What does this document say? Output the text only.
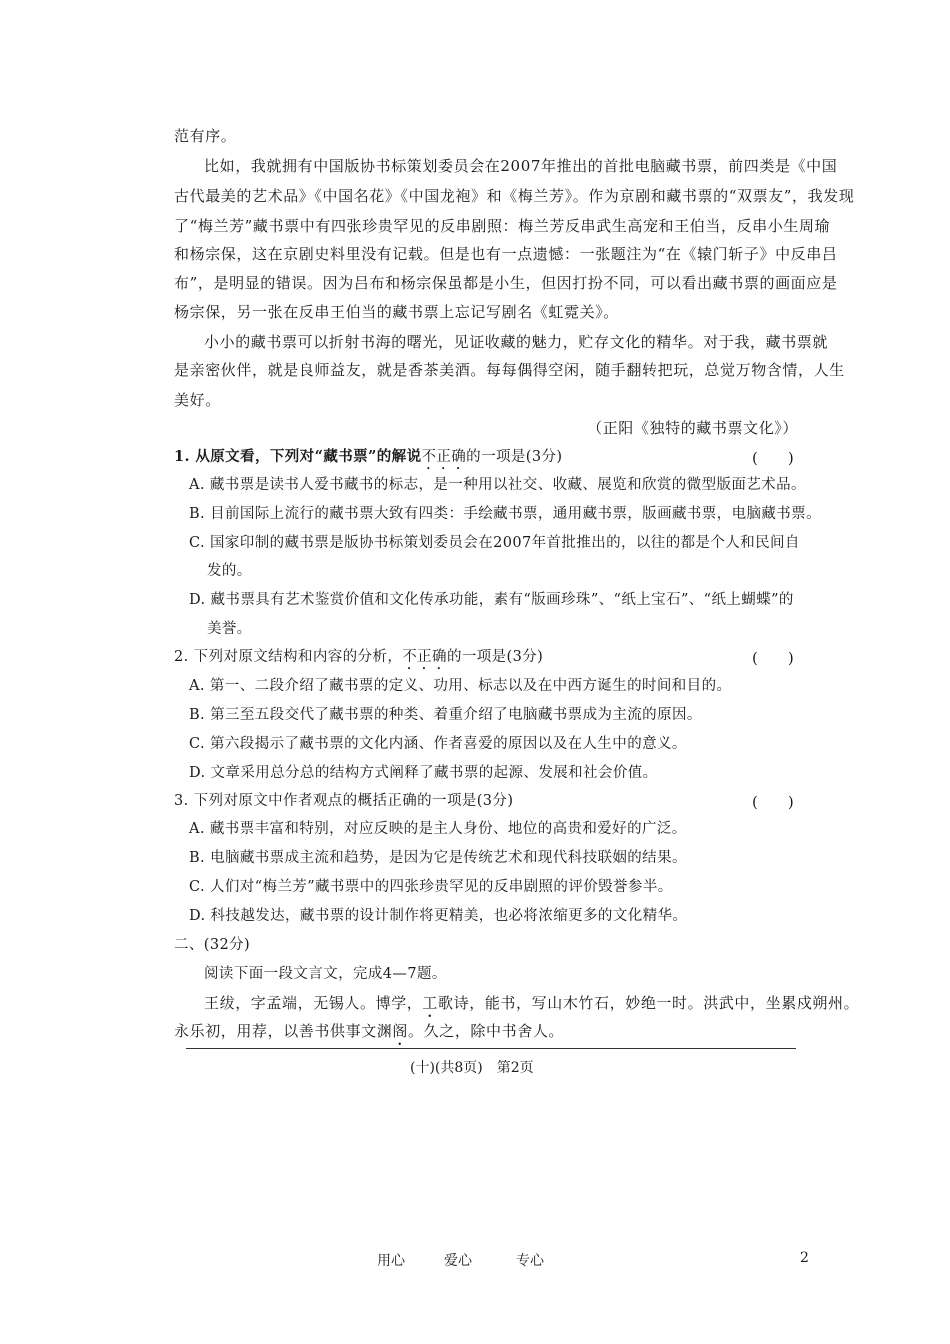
范有序。
比如，我就拥有中国版协书标策划委员会在2007年推出的首批电脑藏书票，前四类是《中国
古代最美的艺术品》《中国名花》《中国龙袍》和《梅兰芳》。作为京剧和藏书票的“双票友”，我发现
了“梅兰芳”藏书票中有四张珍贵罕见的反串剧照：梅兰芳反串武生高宠和王伯当，反串小生周瑜
和杨宗保，这在京剧史料里没有记载。但是也有一点遗憾：一张题注为“在《辕门斩子》中反串吕
布”，是明显的错误。因为吕布和杨宗保虽都是小生，但因打扮不同，可以看出藏书票的画面应是
杨宗保，另一张在反串王伯当的藏书票上忘记写剧名《虹霓关》。
小小的藏书票可以折射书海的曙光，见证收藏的魅力，贮存文化的精华。对于我，藏书票就
是亲密伙伴，就是良师益友，就是香茶美酒。每每偶得空闲，随手翻转把玩，总觉万物含情，人生
美好。
（正阳《独特的藏书票文化》）
1. 从原文看，下列对“藏书票”的解说不正确的一项是(3分)	(　　)
A. 藏书票是读书人爱书藏书的标志，是一种用以社交、收藏、展览和欣赏的微型版面艺术品。
B. 目前国际上流行的藏书票大致有四类：手绘藏书票，通用藏书票，版画藏书票，电脑藏书票。
C. 国家印制的藏书票是版协书标策划委员会在2007年首批推出的，以往的都是个人和民间自
发的。
D. 藏书票具有艺术鉴赏价值和文化传承功能，素有“版画珍珠”、“纸上宝石”、“纸上蝴蝶”的
美誉。
2. 下列对原文结构和内容的分析，不正确的一项是(3分)	(　　)
A. 第一、二段介绍了藏书票的定义、功用、标志以及在中西方诞生的时间和目的。
B. 第三至五段交代了藏书票的种类、着重介绍了电脑藏书票成为主流的原因。
C. 第六段揭示了藏书票的文化内涵、作者喜爱的原因以及在人生中的意义。
D. 文章采用总分总的结构方式阐释了藏书票的起源、发展和社会价值。
3. 下列对原文中作者观点的概括正确的一项是(3分)	(　　)
A. 藏书票丰富和特别，对应反映的是主人身份、地位的高贵和爱好的广泛。
B. 电脑藏书票成主流和趋势，是因为它是传统艺术和现代科技联姻的结果。
C. 人们对“梅兰芳”藏书票中的四张珍贵罕见的反串剧照的评价毁誉参半。
D. 科技越发达，藏书票的设计制作将更精美，也必将浓缩更多的文化精华。
二、(32分)
阅读下面一段文言文，完成4—7题。
王绂，字孟端，无锡人。博学，工歌诗，能书，写山木竹石，妙绝一时。洪武中，坐累戍朔州。
永乐初，用荐，以善书供事文渊阁。久之，除中书舍人。
(十)(共8页)　第2页
用心	爱心	专心	2
